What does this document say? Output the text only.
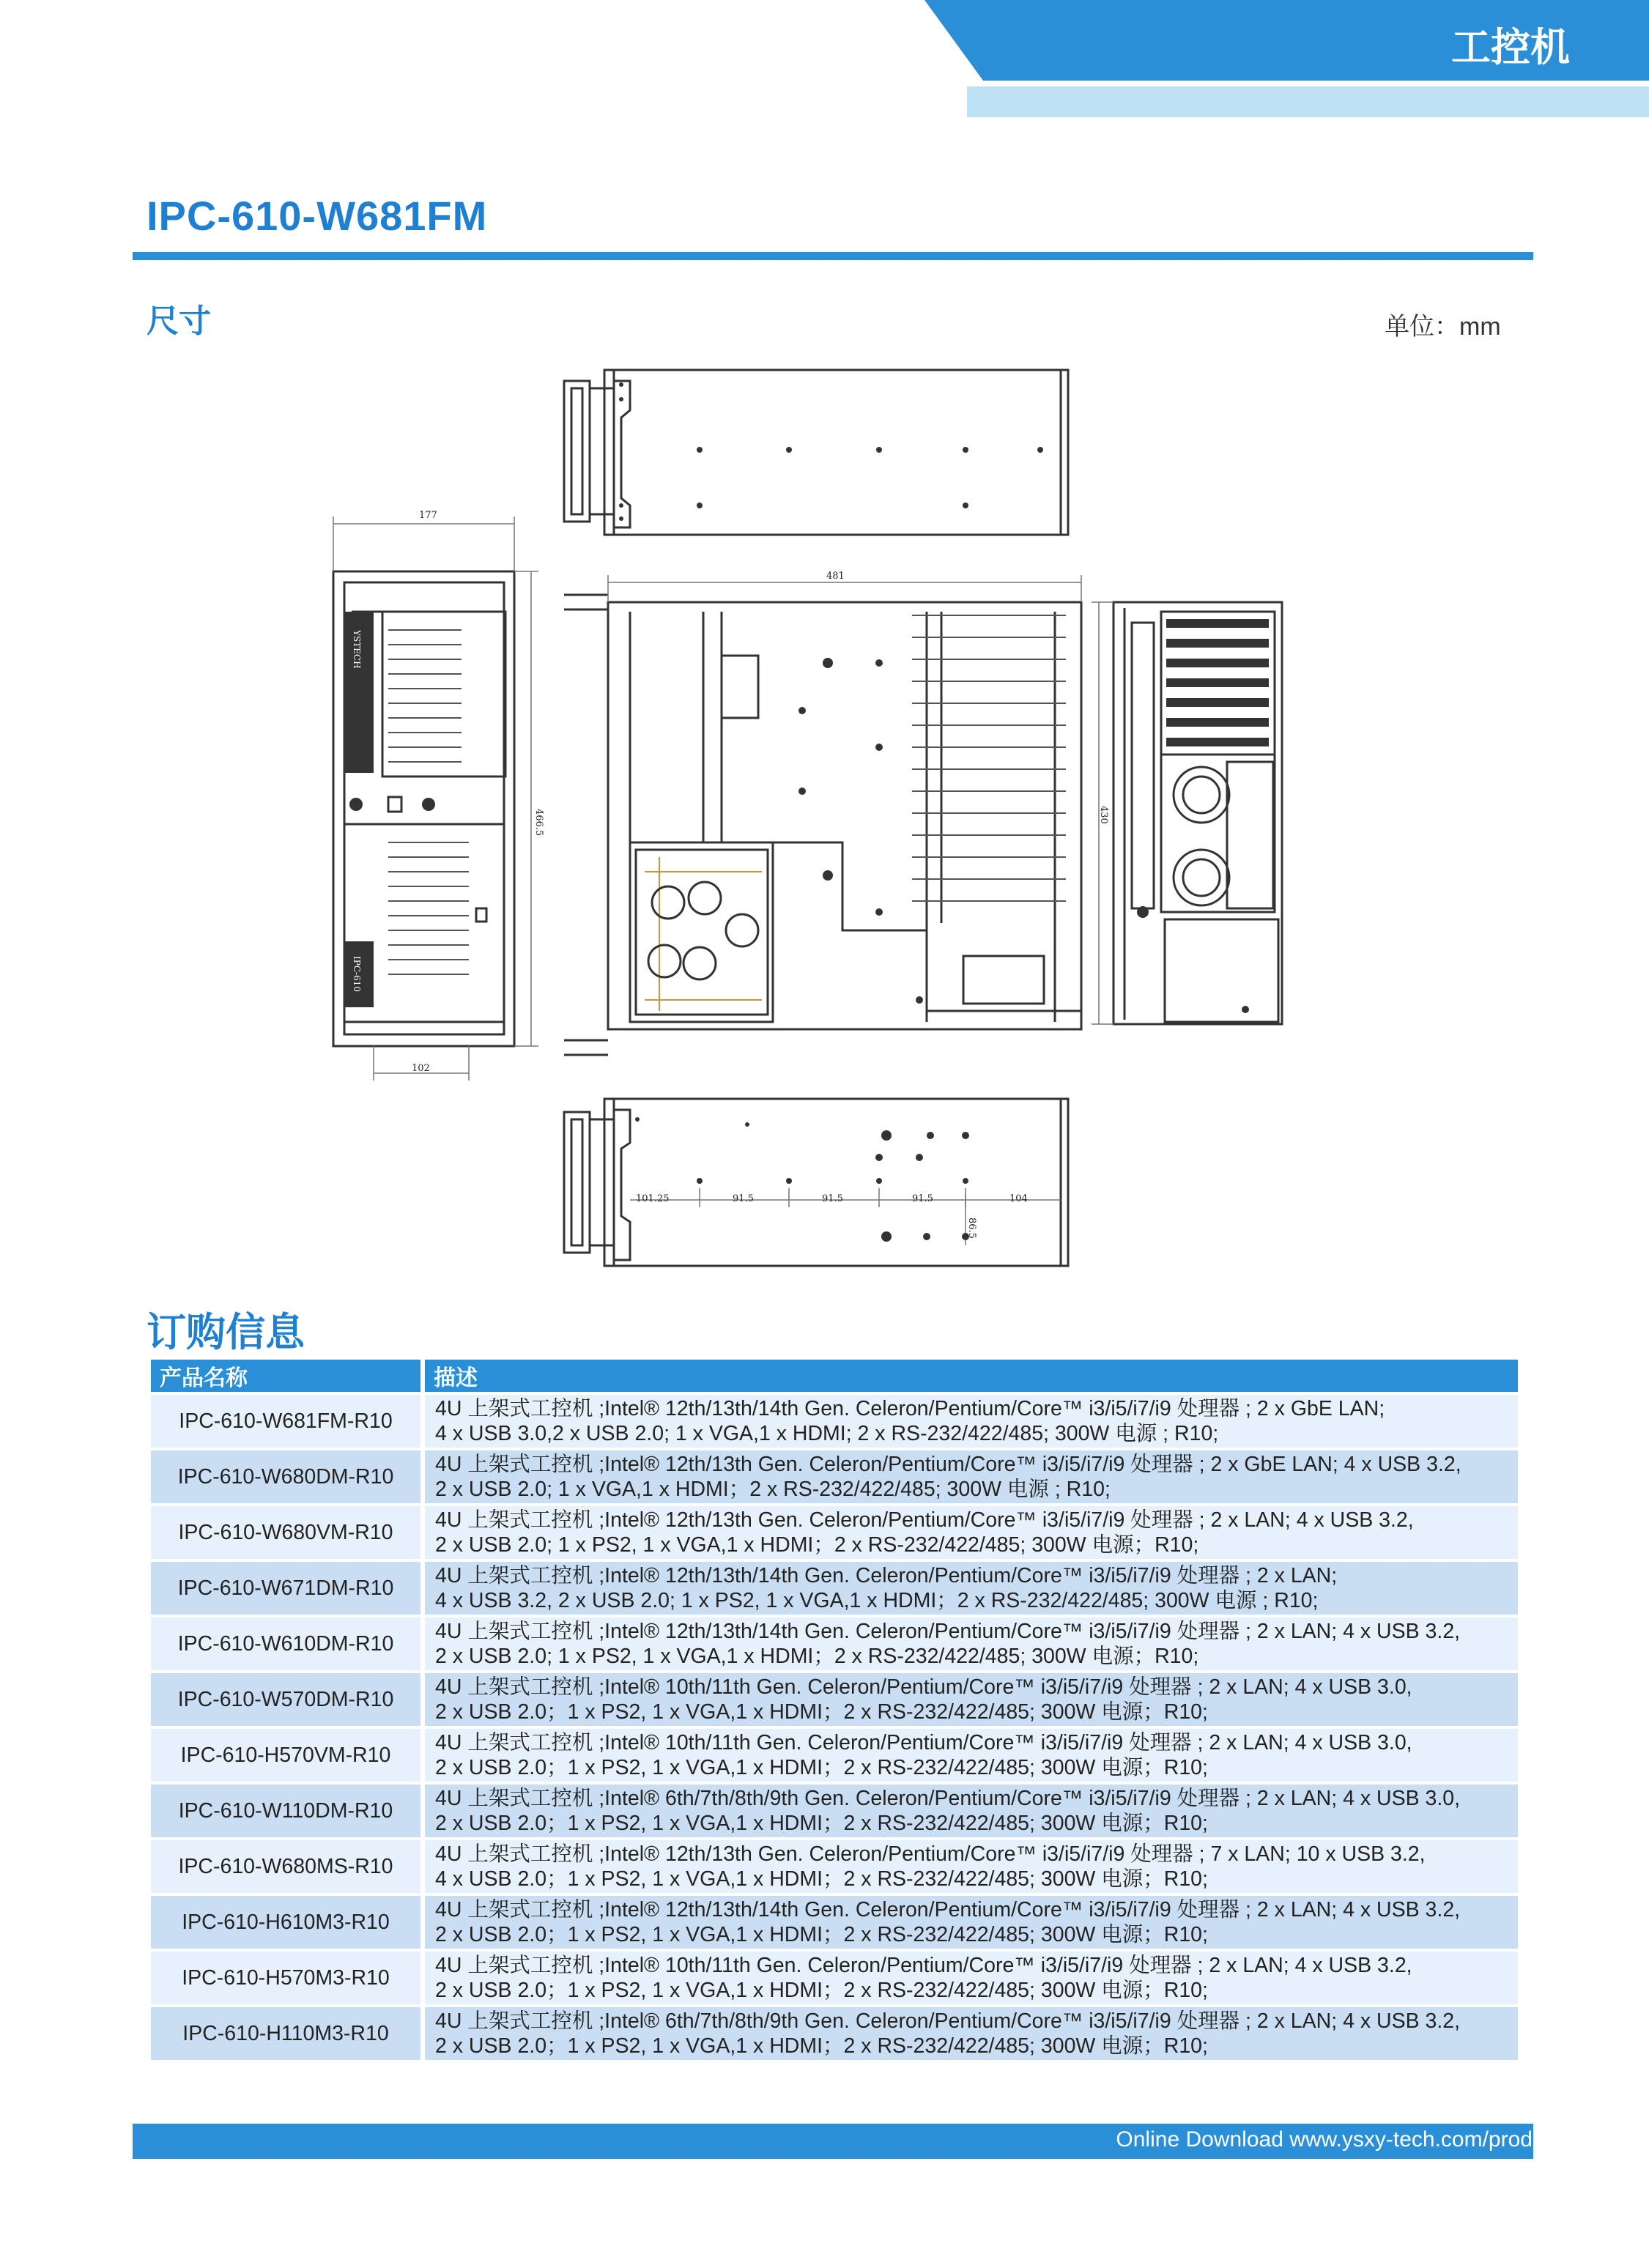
工控机
IPC-610-W681FM
尺寸	单位：mm
177
102
466.5
481
430
101.25	91.5	91.5	91.5	104
86.5
YSTECH
IPC-610
订购信息
产品名称	描述
IPC-610-W681FM-R10	4U 上架式工控机 ;Intel® 12th/13th/14th Gen. Celeron/Pentium/Core™ i3/i5/i7/i9 处理器 ; 2 x GbE LAN;
4 x USB 3.0,2 x USB 2.0; 1 x VGA,1 x HDMI; 2 x RS-232/422/485; 300W 电源 ; R10;
IPC-610-W680DM-R10	4U 上架式工控机 ;Intel® 12th/13th Gen. Celeron/Pentium/Core™ i3/i5/i7/i9 处理器 ; 2 x GbE LAN; 4 x USB 3.2,
2 x USB 2.0; 1 x VGA,1 x HDMI；2 x RS-232/422/485; 300W 电源 ; R10;
IPC-610-W680VM-R10	4U 上架式工控机 ;Intel® 12th/13th Gen. Celeron/Pentium/Core™ i3/i5/i7/i9 处理器 ; 2 x LAN; 4 x USB 3.2,
2 x USB 2.0; 1 x PS2, 1 x VGA,1 x HDMI；2 x RS-232/422/485; 300W 电源；R10;
IPC-610-W671DM-R10	4U 上架式工控机 ;Intel® 12th/13th/14th Gen. Celeron/Pentium/Core™ i3/i5/i7/i9 处理器 ; 2 x LAN;
4 x USB 3.2, 2 x USB 2.0; 1 x PS2, 1 x VGA,1 x HDMI；2 x RS-232/422/485; 300W 电源 ; R10;
IPC-610-W610DM-R10	4U 上架式工控机 ;Intel® 12th/13th/14th Gen. Celeron/Pentium/Core™ i3/i5/i7/i9 处理器 ; 2 x LAN; 4 x USB 3.2,
2 x USB 2.0; 1 x PS2, 1 x VGA,1 x HDMI；2 x RS-232/422/485; 300W 电源；R10;
IPC-610-W570DM-R10	4U 上架式工控机 ;Intel® 10th/11th Gen. Celeron/Pentium/Core™ i3/i5/i7/i9 处理器 ; 2 x LAN; 4 x USB 3.0,
2 x USB 2.0；1 x PS2, 1 x VGA,1 x HDMI；2 x RS-232/422/485; 300W 电源；R10;
IPC-610-H570VM-R10	4U 上架式工控机 ;Intel® 10th/11th Gen. Celeron/Pentium/Core™ i3/i5/i7/i9 处理器 ; 2 x LAN; 4 x USB 3.0,
2 x USB 2.0；1 x PS2, 1 x VGA,1 x HDMI；2 x RS-232/422/485; 300W 电源；R10;
IPC-610-W110DM-R10	4U 上架式工控机 ;Intel® 6th/7th/8th/9th Gen. Celeron/Pentium/Core™ i3/i5/i7/i9 处理器 ; 2 x LAN; 4 x USB 3.0,
2 x USB 2.0；1 x PS2, 1 x VGA,1 x HDMI；2 x RS-232/422/485; 300W 电源；R10;
IPC-610-W680MS-R10	4U 上架式工控机 ;Intel® 12th/13th Gen. Celeron/Pentium/Core™ i3/i5/i7/i9 处理器 ; 7 x LAN; 10 x USB 3.2,
4 x USB 2.0；1 x PS2, 1 x VGA,1 x HDMI；2 x RS-232/422/485; 300W 电源；R10;
IPC-610-H610M3-R10	4U 上架式工控机 ;Intel® 12th/13th/14th Gen. Celeron/Pentium/Core™ i3/i5/i7/i9 处理器 ; 2 x LAN; 4 x USB 3.2,
2 x USB 2.0；1 x PS2, 1 x VGA,1 x HDMI；2 x RS-232/422/485; 300W 电源；R10;
IPC-610-H570M3-R10	4U 上架式工控机 ;Intel® 10th/11th Gen. Celeron/Pentium/Core™ i3/i5/i7/i9 处理器 ; 2 x LAN; 4 x USB 3.2,
2 x USB 2.0；1 x PS2, 1 x VGA,1 x HDMI；2 x RS-232/422/485; 300W 电源；R10;
IPC-610-H110M3-R10	4U 上架式工控机 ;Intel® 6th/7th/8th/9th Gen. Celeron/Pentium/Core™ i3/i5/i7/i9 处理器 ; 2 x LAN; 4 x USB 3.2,
2 x USB 2.0；1 x PS2, 1 x VGA,1 x HDMI；2 x RS-232/422/485; 300W 电源；R10;
Online Download www.ysxy-tech.com/products
